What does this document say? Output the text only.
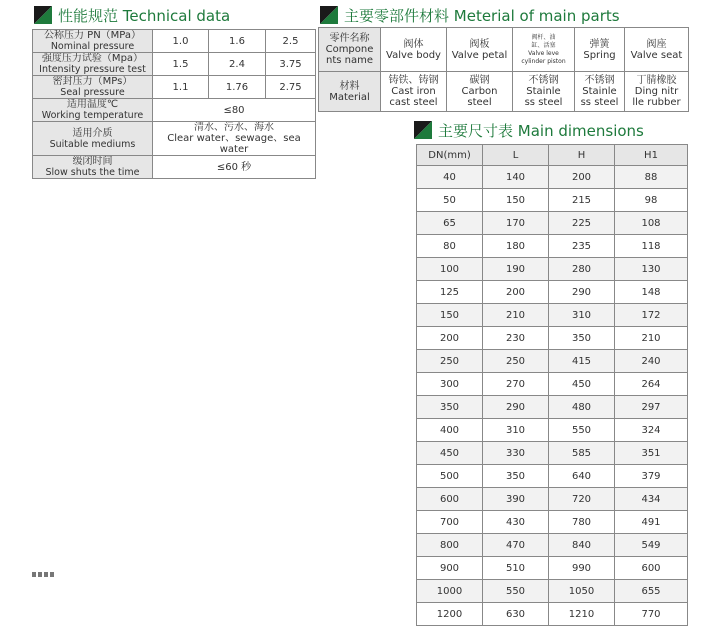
性能规范 Technical data
公称压力 PN（MPa）
Nominal pressure	1.0	1.6	2.5

强度压力试验（Mpa）
Intensity pressure test	1.5	2.4	3.75

密封压力（MPs）
Seal pressure	1.1	1.76	2.75

适用温度℃
Working temperature	≤80		

适用介质
Suitable mediums	清水、污水、海水
Clear water、sewage、sea water		

缓闭时间
Slow shuts the time	≤60 秒		
主要零部件材料 Meterial of main parts
零件名称
Compone
nts name	阀体
Valve body	阀板
Valve petal	阀杆、油
缸、活塞
Valve leve
cylinder piston	弹簧
Spring	阀座
Valve seat

材料
Material	铸铁、铸钢
Cast iron
cast steel	碳钢
Carbon
steel	不锈钢
Stainle
ss steel	不锈钢
Stainle
ss steel	丁腈橡胶
Ding nitr
lle rubber
主要尺寸表 Main dimensions
DN(mm)	L	H	H1
40	140	200	88
50	150	215	98
65	170	225	108
80	180	235	118
100	190	280	130
125	200	290	148
150	210	310	172
200	230	350	210
250	250	415	240
300	270	450	264
350	290	480	297
400	310	550	324
450	330	585	351
500	350	640	379
600	390	720	434
700	430	780	491
800	470	840	549
900	510	990	600
1000	550	1050	655
1200	630	1210	770
